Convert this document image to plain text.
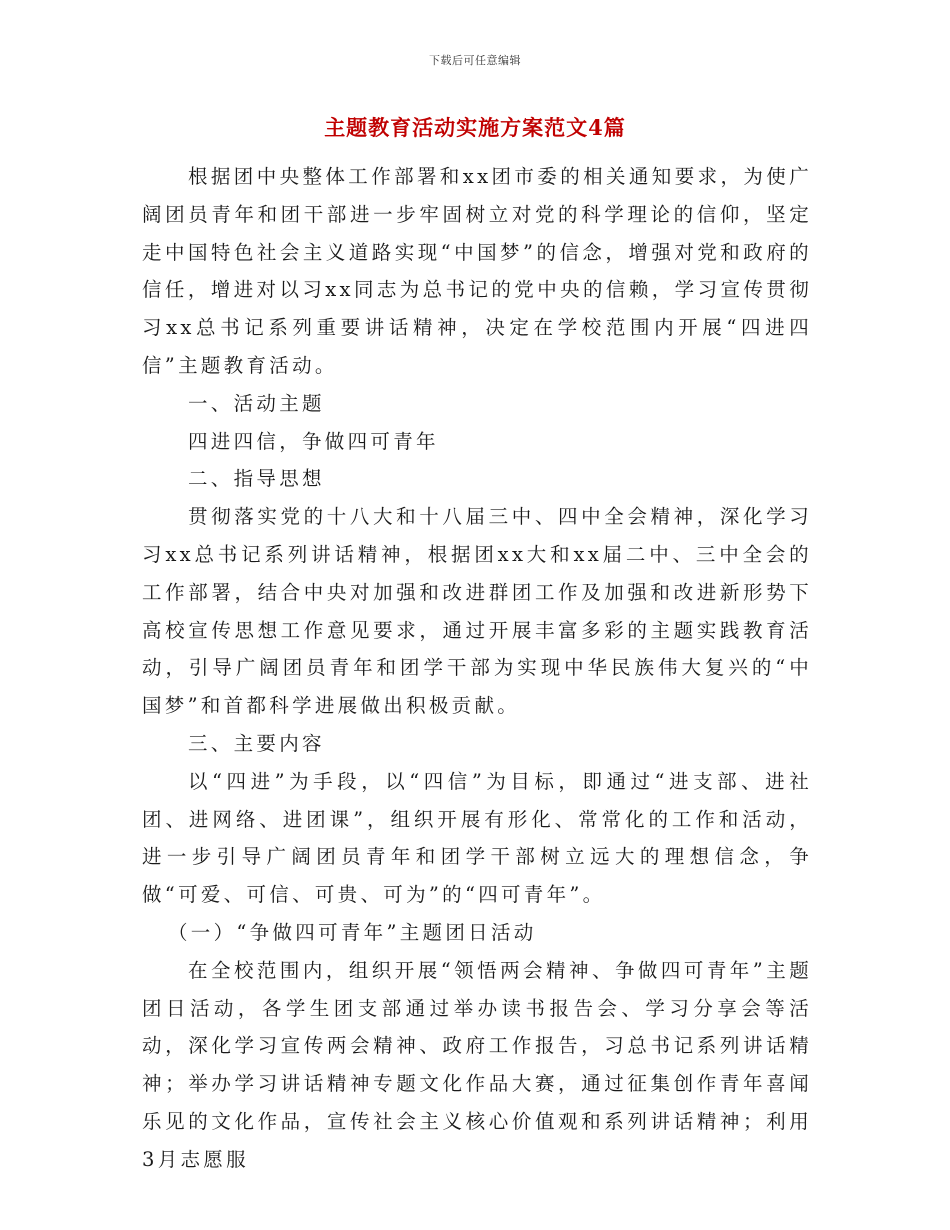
下载后可任意编辑
主题教育活动实施方案范文4篇

根据团中央整体工作部署和xx团市委的相关通知要求，为使广阔团员青年和团干部进一步牢固树立对党的科学理论的信仰，坚定走中国特色社会主义道路实现“中国梦”的信念，增强对党和政府的信任，增进对以习xx同志为总书记的党中央的信赖，学习宣传贯彻习xx总书记系列重要讲话精神，决定在学校范围内开展“四进四信”主题教育活动。

一、活动主题

四进四信，争做四可青年

二、指导思想

贯彻落实党的十八大和十八届三中、四中全会精神，深化学习习xx总书记系列讲话精神，根据团xx大和xx届二中、三中全会的工作部署，结合中央对加强和改进群团工作及加强和改进新形势下高校宣传思想工作意见要求，通过开展丰富多彩的主题实践教育活动，引导广阔团员青年和团学干部为实现中华民族伟大复兴的“中国梦”和首都科学进展做出积极贡献。

三、主要内容

以“四进”为手段，以“四信”为目标，即通过“进支部、进社团、进网络、进团课”，组织开展有形化、常常化的工作和活动，进一步引导广阔团员青年和团学干部树立远大的理想信念，争做“可爱、可信、可贵、可为”的“四可青年”。

（一）“争做四可青年”主题团日活动

在全校范围内，组织开展“领悟两会精神、争做四可青年”主题团日活动，各学生团支部通过举办读书报告会、学习分享会等活动，深化学习宣传两会精神、政府工作报告，习总书记系列讲话精神；举办学习讲话精神专题文化作品大赛，通过征集创作青年喜闻乐见的文化作品，宣传社会主义核心价值观和系列讲话精神；利用3月志愿服
